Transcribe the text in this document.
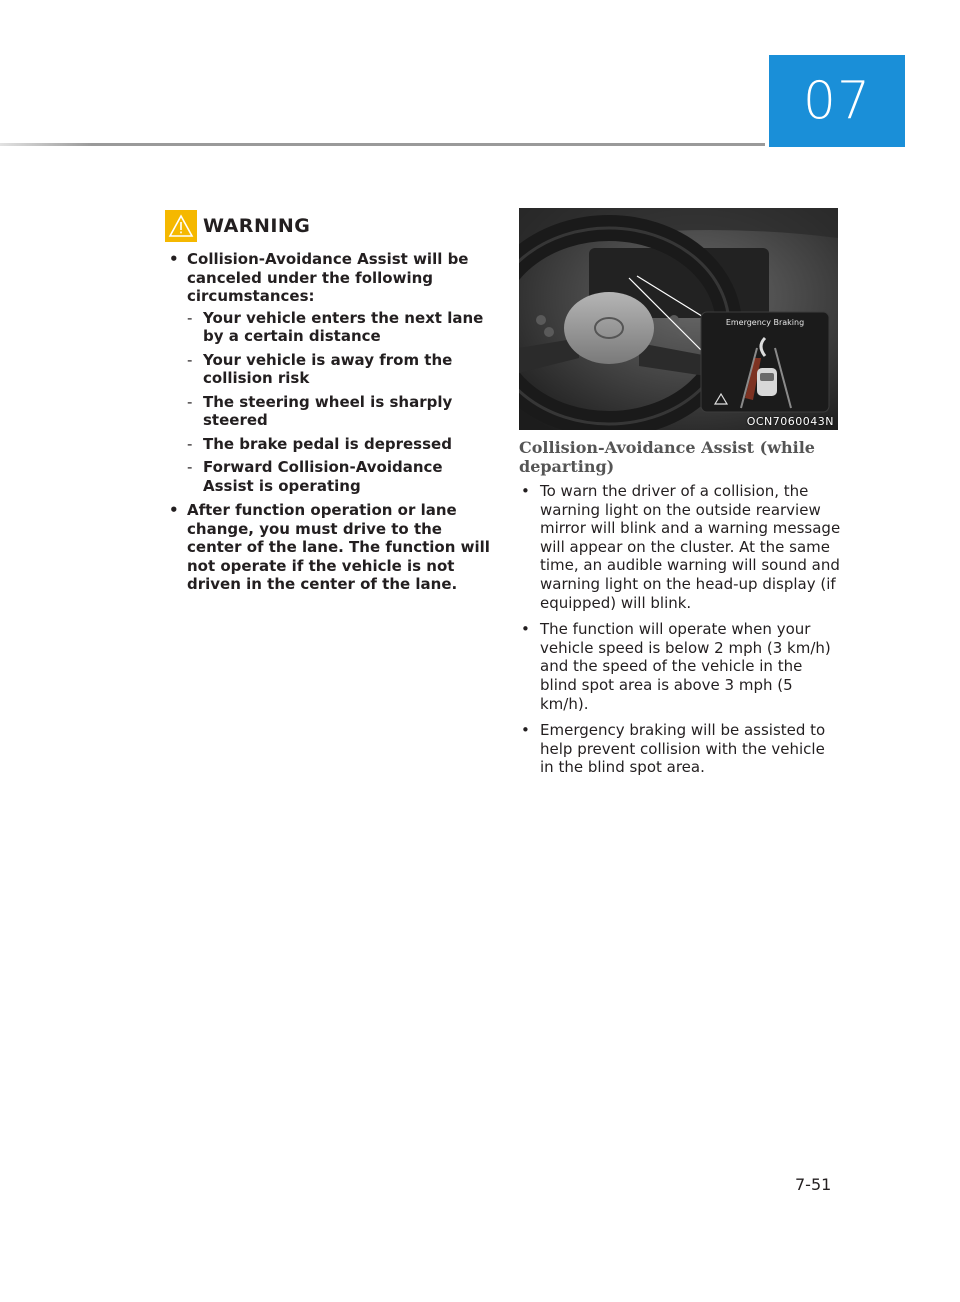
07
WARNING
• Collision-Avoidance Assist will be canceled under the following circumstances:
- Your vehicle enters the next lane by a certain distance
- Your vehicle is away from the collision risk
- The steering wheel is sharply steered
- The brake pedal is depressed
- Forward Collision-Avoidance Assist is operating
• After function operation or lane change, you must drive to the center of the lane. The function will not operate if the vehicle is not driven in the center of the lane.
Emergency Braking
OCN7060043N
Collision-Avoidance Assist (while departing)
• To warn the driver of a collision, the warning light on the outside rearview mirror will blink and a warning message will appear on the cluster. At the same time, an audible warning will sound and warning light on the head-up display (if equipped) will blink.
• The function will operate when your vehicle speed is below 2 mph (3 km/h) and the speed of the vehicle in the blind spot area is above 3 mph (5 km/h).
• Emergency braking will be assisted to help prevent collision with the vehicle in the blind spot area.
7-51
